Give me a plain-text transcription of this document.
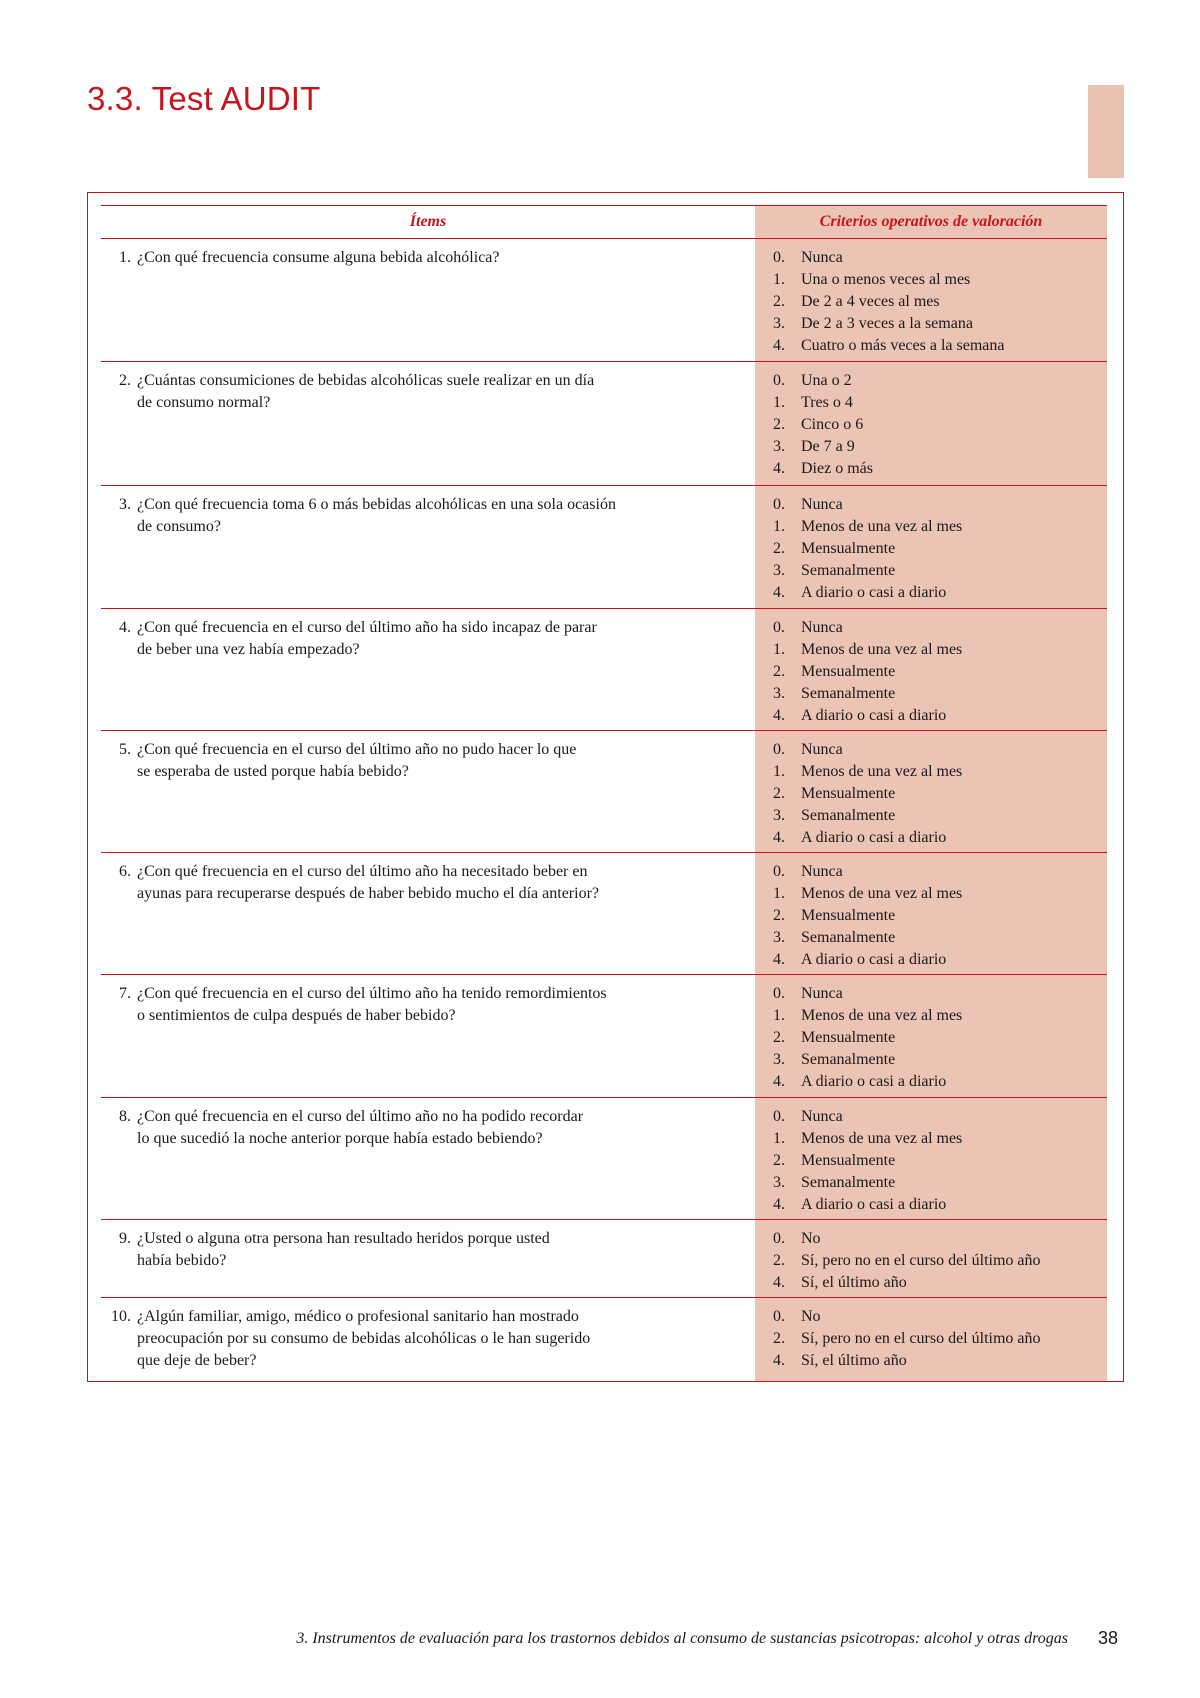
3.3. Test AUDIT
Ítems	Criterios operativos de valoración
1. ¿Con qué frecuencia consume alguna bebida alcohólica?	0. Nunca
1. Una o menos veces al mes
2. De 2 a 4 veces al mes
3. De 2 a 3 veces a la semana
4. Cuatro o más veces a la semana
2. ¿Cuántas consumiciones de bebidas alcohólicas suele realizar en un día
de consumo normal?
0. Una o 2
1. Tres o 4
2. Cinco o 6
3. De 7 a 9
4. Diez o más
3. ¿Con qué frecuencia toma 6 o más bebidas alcohólicas en una sola ocasión
de consumo?
0. Nunca
1. Menos de una vez al mes
2. Mensualmente
3. Semanalmente
4. A diario o casi a diario
4. ¿Con qué frecuencia en el curso del último año ha sido incapaz de parar
de beber una vez había empezado?
0. Nunca
1. Menos de una vez al mes
2. Mensualmente
3. Semanalmente
4. A diario o casi a diario
5. ¿Con qué frecuencia en el curso del último año no pudo hacer lo que
se esperaba de usted porque había bebido?
0. Nunca
1. Menos de una vez al mes
2. Mensualmente
3. Semanalmente
4. A diario o casi a diario
6. ¿Con qué frecuencia en el curso del último año ha necesitado beber en
ayunas para recuperarse después de haber bebido mucho el día anterior?
0. Nunca
1. Menos de una vez al mes
2. Mensualmente
3. Semanalmente
4. A diario o casi a diario
7. ¿Con qué frecuencia en el curso del último año ha tenido remordimientos
o sentimientos de culpa después de haber bebido?
0. Nunca
1. Menos de una vez al mes
2. Mensualmente
3. Semanalmente
4. A diario o casi a diario
8. ¿Con qué frecuencia en el curso del último año no ha podido recordar
lo que sucedió la noche anterior porque había estado bebiendo?
0. Nunca
1. Menos de una vez al mes
2. Mensualmente
3. Semanalmente
4. A diario o casi a diario
9. ¿Usted o alguna otra persona han resultado heridos porque usted
había bebido?
0. No
2. Sí, pero no en el curso del último año
4. Sí, el último año
10. ¿Algún familiar, amigo, médico o profesional sanitario han mostrado
preocupación por su consumo de bebidas alcohólicas o le han sugerido
que deje de beber?
0. No
2. Sí, pero no en el curso del último año
4. Sí, el último año
3. Instrumentos de evaluación para los trastornos debidos al consumo de sustancias psicotropas: alcohol y otras drogas 38
